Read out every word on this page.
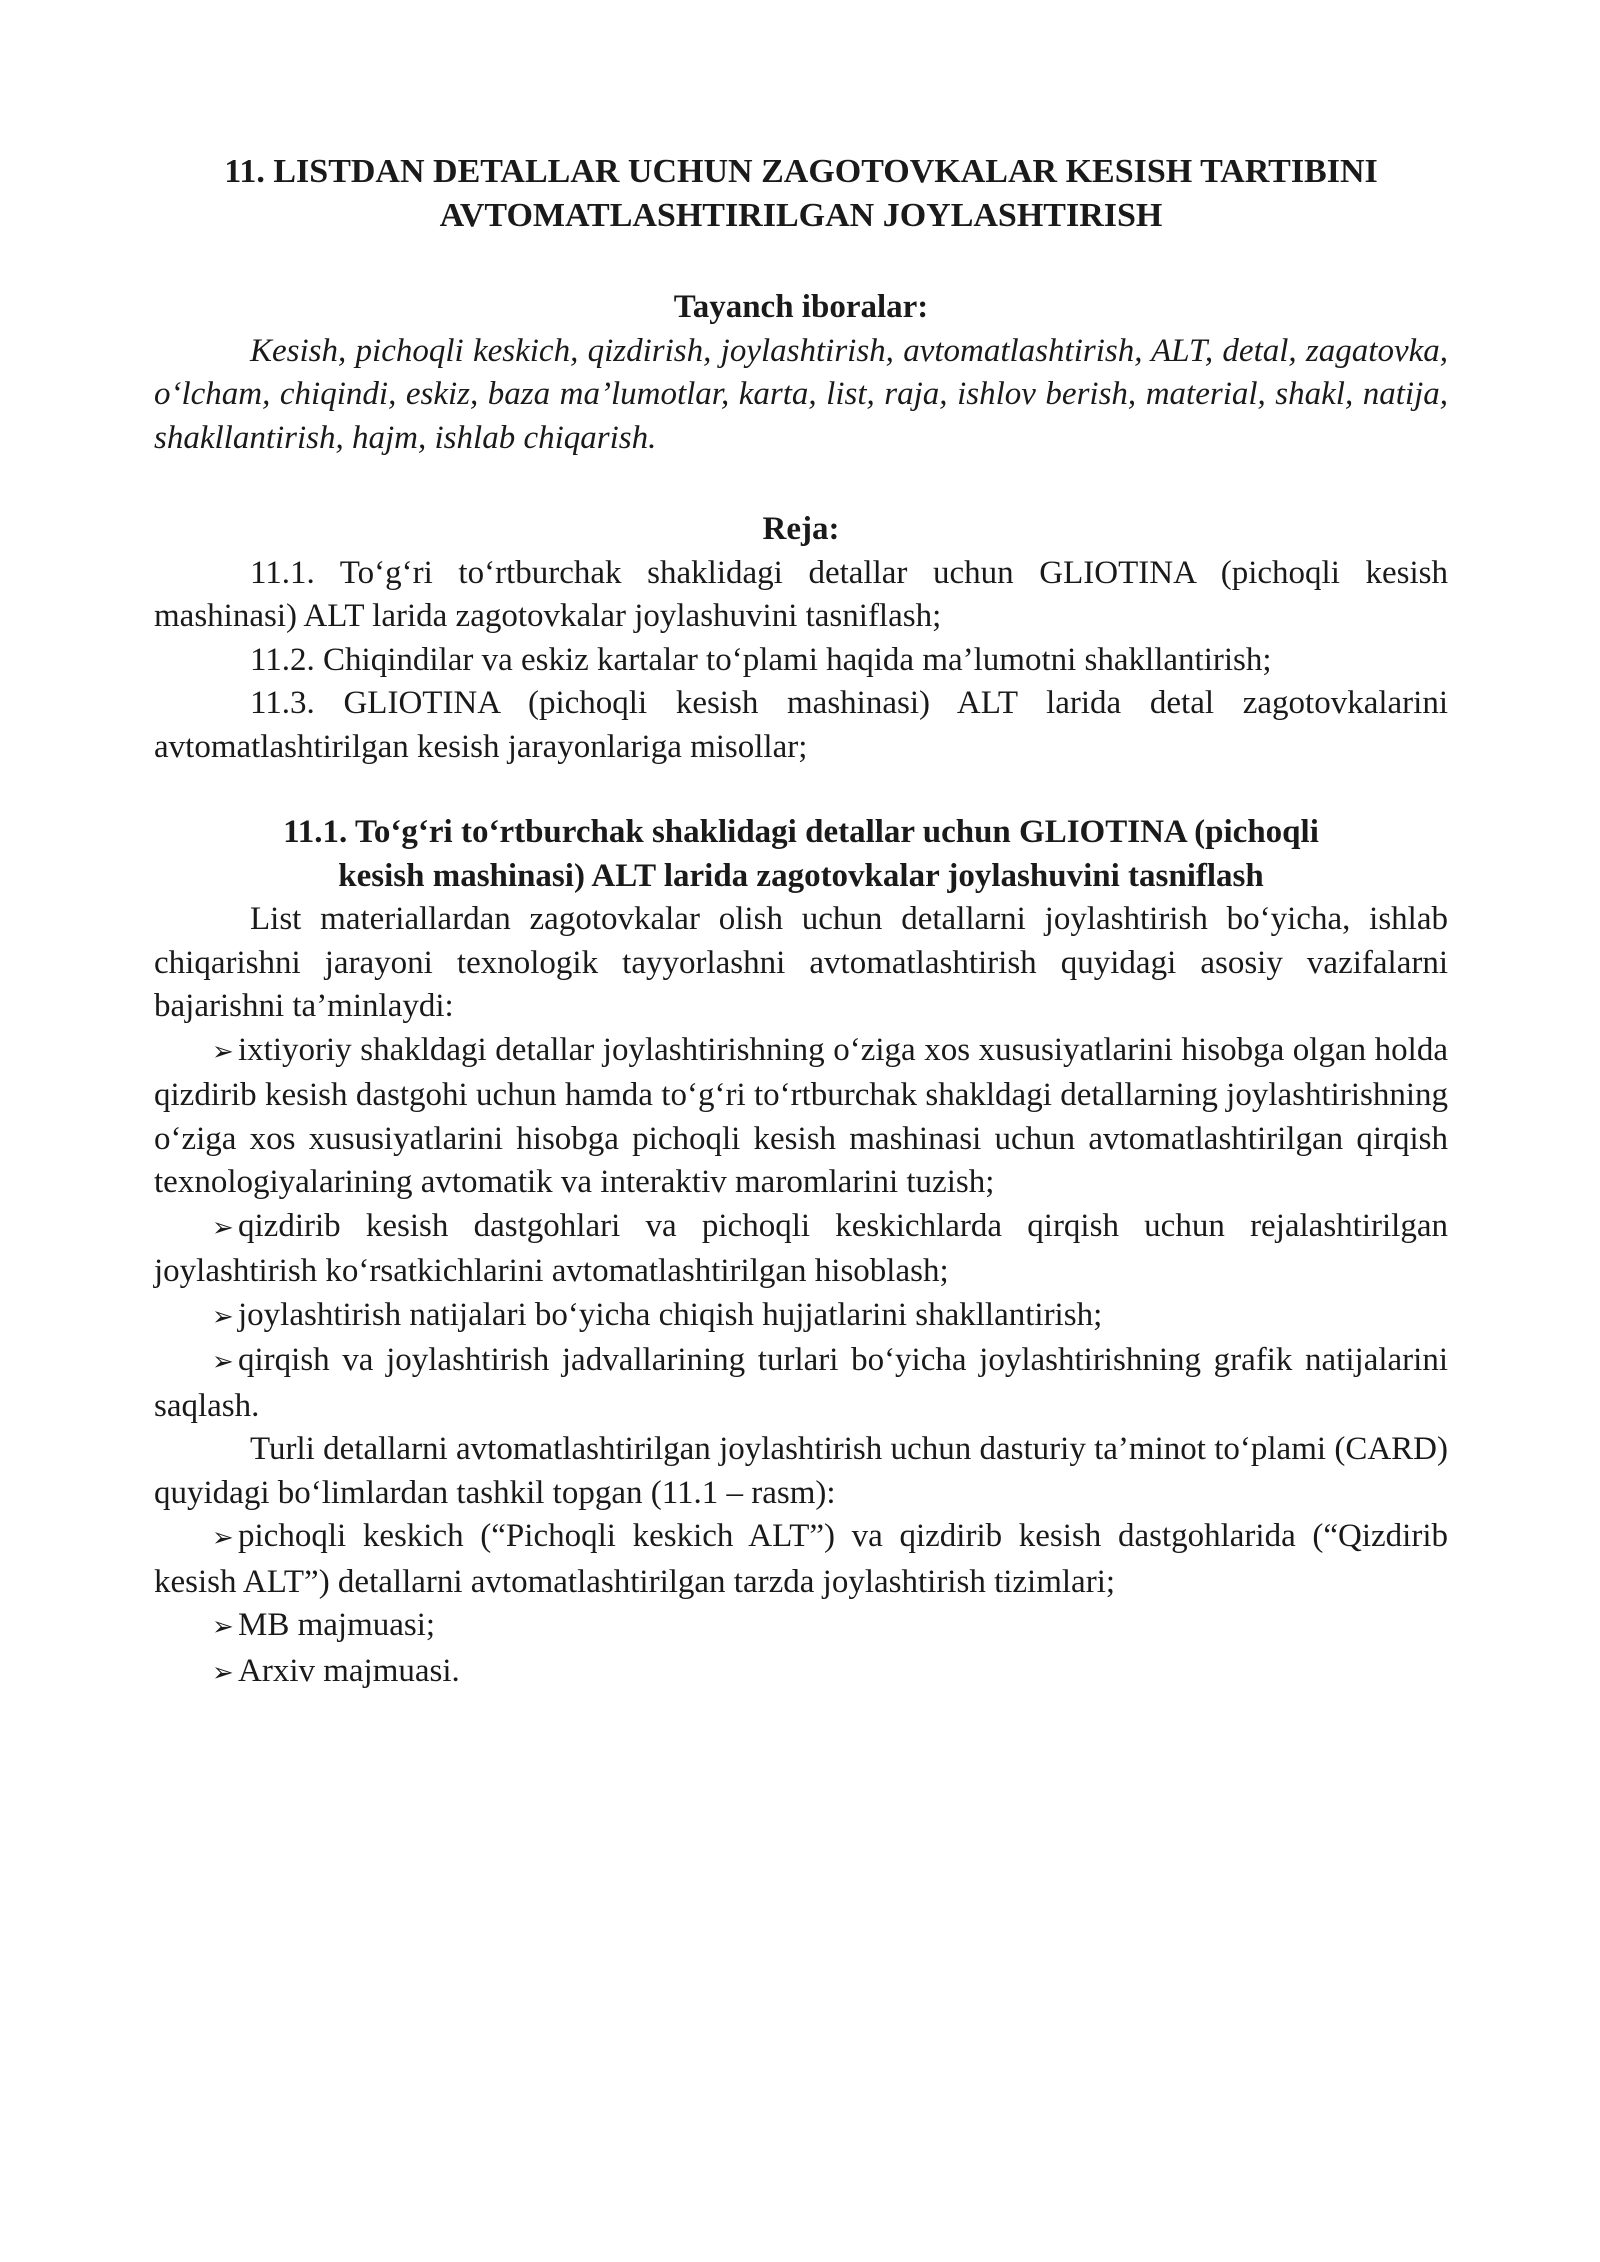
11. LISTDAN DETALLAR UCHUN ZAGOTOVKALAR KESISH TARTIBINI

AVTOMATLASHTIRILGAN JOYLASHTIRISH

Tayanch iboralar:

Kesish, pichoqli keskich, qizdirish, joylashtirish, avtomatlashtirish, ALT, detal, zagatovka, o‘lcham, chiqindi, eskiz, baza ma’lumotlar, karta, list, raja, ishlov berish, material, shakl, natija, shakllantirish, hajm, ishlab chiqarish.

Reja:

11.1. To‘g‘ri to‘rtburchak shaklidagi detallar uchun GLIOTINA (pichoqli kesish mashinasi) ALT larida zagotovkalar joylashuvini tasniflash;

11.2. Chiqindilar va eskiz kartalar to‘plami haqida ma’lumotni shakllantirish;

11.3. GLIOTINA (pichoqli kesish mashinasi) ALT larida detal zagotovkalarini avtomatlashtirilgan kesish jarayonlariga misollar;

11.1. To‘g‘ri to‘rtburchak shaklidagi detallar uchun GLIOTINA (pichoqli

kesish mashinasi) ALT larida zagotovkalar joylashuvini tasniflash

List materiallardan zagotovkalar olish uchun detallarni joylashtirish bo‘yicha, ishlab chiqarishni jarayoni texnologik tayyorlashni avtomatlashtirish quyidagi asosiy vazifalarni bajarishni ta’minlaydi:

➢ ixtiyoriy shakldagi detallar joylashtirishning o‘ziga xos xususiyatlarini hisobga olgan holda qizdirib kesish dastgohi uchun hamda to‘g‘ri to‘rtburchak shakldagi detallarning joylashtirishning o‘ziga xos xususiyatlarini hisobga pichoqli kesish mashinasi uchun avtomatlashtirilgan qirqish texnologiyalarining avtomatik va interaktiv maromlarini tuzish;

➢ qizdirib kesish dastgohlari va pichoqli keskichlarda qirqish uchun rejalashtirilgan joylashtirish ko‘rsatkichlarini avtomatlashtirilgan hisoblash;

➢ joylashtirish natijalari bo‘yicha chiqish hujjatlarini shakllantirish;

➢ qirqish va joylashtirish jadvallarining turlari bo‘yicha joylashtirishning grafik natijalarini saqlash.

Turli detallarni avtomatlashtirilgan joylashtirish uchun dasturiy ta’minot to‘plami (CARD) quyidagi bo‘limlardan tashkil topgan (11.1 – rasm):

➢ pichoqli keskich (“Pichoqli keskich ALT”) va qizdirib kesish dastgohlarida (“Qizdirib kesish ALT”) detallarni avtomatlashtirilgan tarzda joylashtirish tizimlari;

➢ MB majmuasi;

➢ Arxiv majmuasi.
